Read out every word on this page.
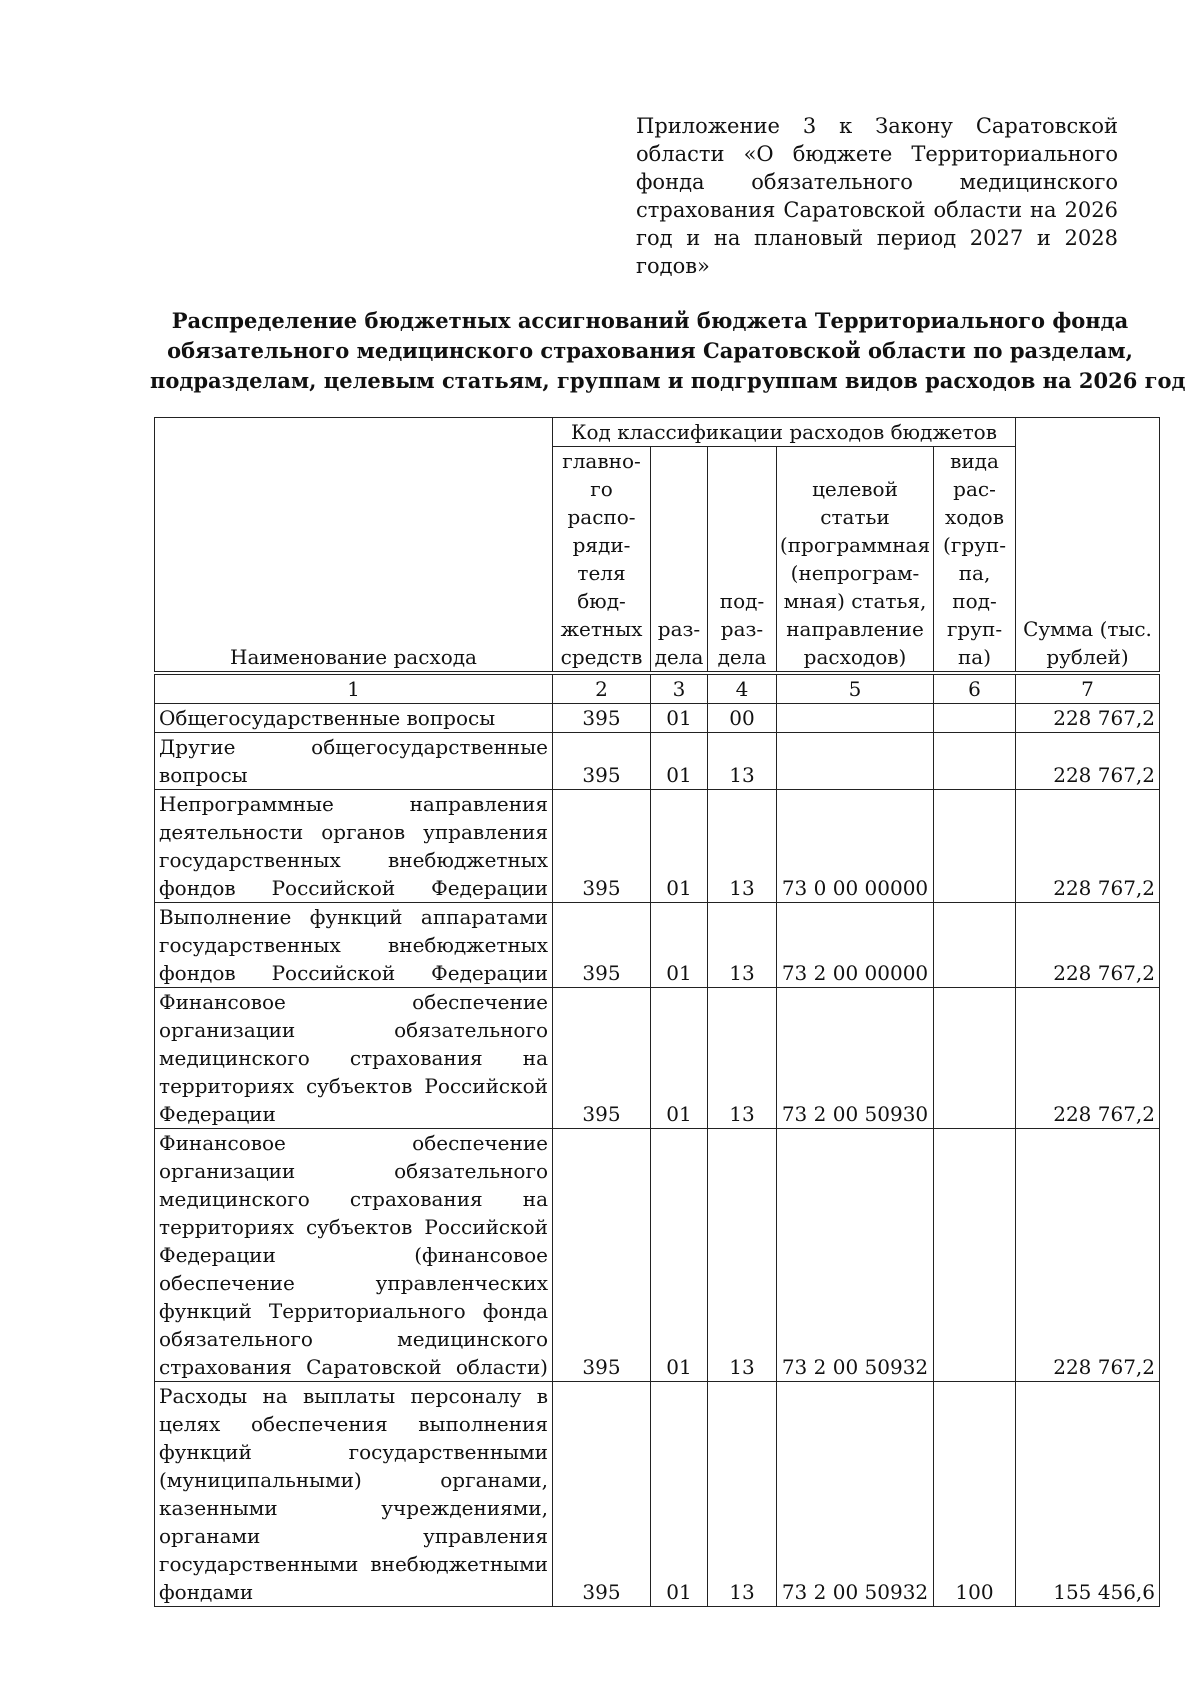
Приложение 3 к Закону Саратовской области «О бюджете Территориального фонда обязательного медицинского страхования Саратовской области на 2026 год и на плановый период 2027 и 2028 годов»
Распределение бюджетных ассигнований бюджета Территориального фонда
обязательного медицинского страхования Саратовской области по разделам,
подразделам, целевым статьям, группам и подгруппам видов расходов на 2026 год
Наименование расхода	Код классификации расходов бюджетов					Сумма (тыс. рублей)
	главно-го распо-ряди-теля бюд-жетных средств	раз-дела	под-раз-дела	целевой статьи (программная (непрограм-мная) статья, направление расходов)	вида рас-ходов (груп-па, под-груп-па)	
1	2	3	4	5	6	7
Общегосударственные вопросы	395	01	00			228 767,2
Другие общегосударственные вопросы	395	01	13			228 767,2
Непрограммные направления деятельности органов управления государственных внебюджетных фондов Российской Федерации	395	01	13	73 0 00 00000		228 767,2
Выполнение функций аппаратами государственных внебюджетных фондов Российской Федерации	395	01	13	73 2 00 00000		228 767,2
Финансовое обеспечение организации обязательного медицинского страхования на территориях субъектов Российской Федерации	395	01	13	73 2 00 50930		228 767,2
Финансовое обеспечение организации обязательного медицинского страхования на территориях субъектов Российской Федерации (финансовое обеспечение управленческих функций Территориального фонда обязательного медицинского страхования Саратовской области)	395	01	13	73 2 00 50932		228 767,2
Расходы на выплаты персоналу в целях обеспечения выполнения функций государственными (муниципальными) органами, казенными учреждениями, органами управления государственными внебюджетными фондами	395	01	13	73 2 00 50932	100	155 456,6
